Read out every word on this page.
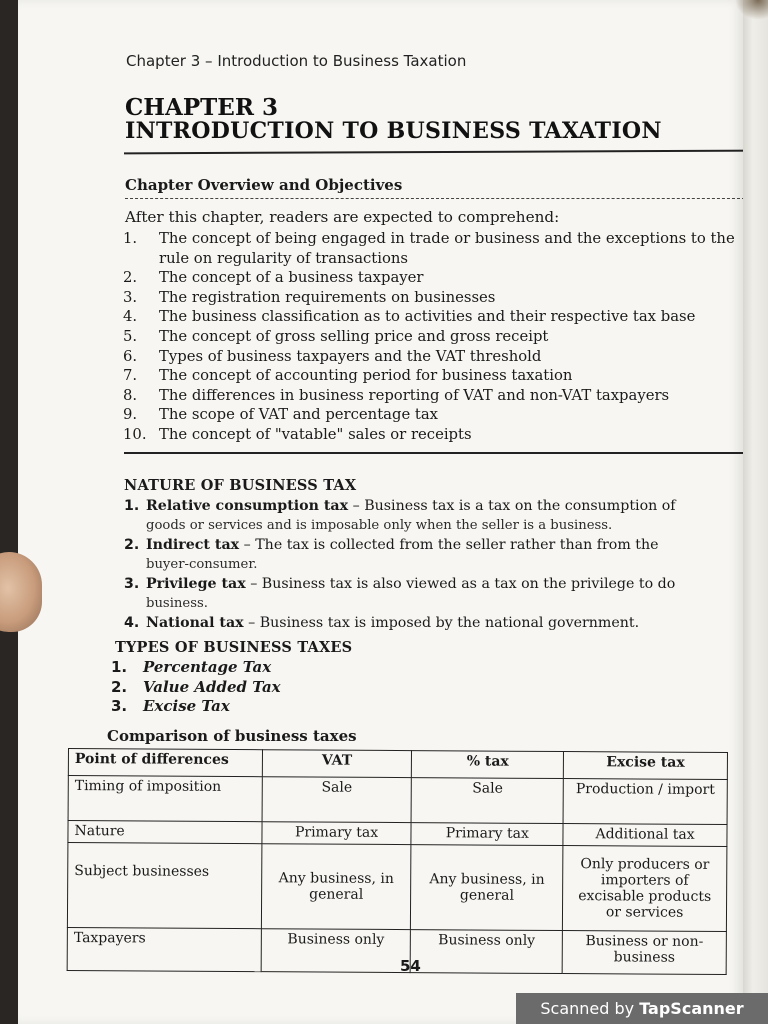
Chapter 3 – Introduction to Business Taxation
CHAPTER 3
INTRODUCTION TO BUSINESS TAXATION
Chapter Overview and Objectives
After this chapter, readers are expected to comprehend:
1.	The concept of being engaged in trade or business and the exceptions to the rule on regularity of transactions
2.	The concept of a business taxpayer
3.	The registration requirements on businesses
4.	The business classification as to activities and their respective tax base
5.	The concept of gross selling price and gross receipt
6.	Types of business taxpayers and the VAT threshold
7.	The concept of accounting period for business taxation
8.	The differences in business reporting of VAT and non-VAT taxpayers
9.	The scope of VAT and percentage tax
10. The concept of "vatable" sales or receipts
NATURE OF BUSINESS TAX
1. Relative consumption tax – Business tax is a tax on the consumption of
goods or services and is imposable only when the seller is a business.
2. Indirect tax – The tax is collected from the seller rather than from the
buyer-consumer.
3. Privilege tax – Business tax is also viewed as a tax on the privilege to do
business.
4. National tax – Business tax is imposed by the national government.
TYPES OF BUSINESS TAXES
1. Percentage Tax
2. Value Added Tax
3. Excise Tax
Comparison of business taxes
54
Point of differences	VAT	% tax	Excise tax
Timing of imposition	Sale	Sale	Production / import
Nature	Primary tax	Primary tax	Additional tax
Subject businesses	Any business, in general	Any business, in general	Only producers or importers of excisable products or services
Taxpayers	Business only	Business only	Business or non-business
Scanned by TapScanner
